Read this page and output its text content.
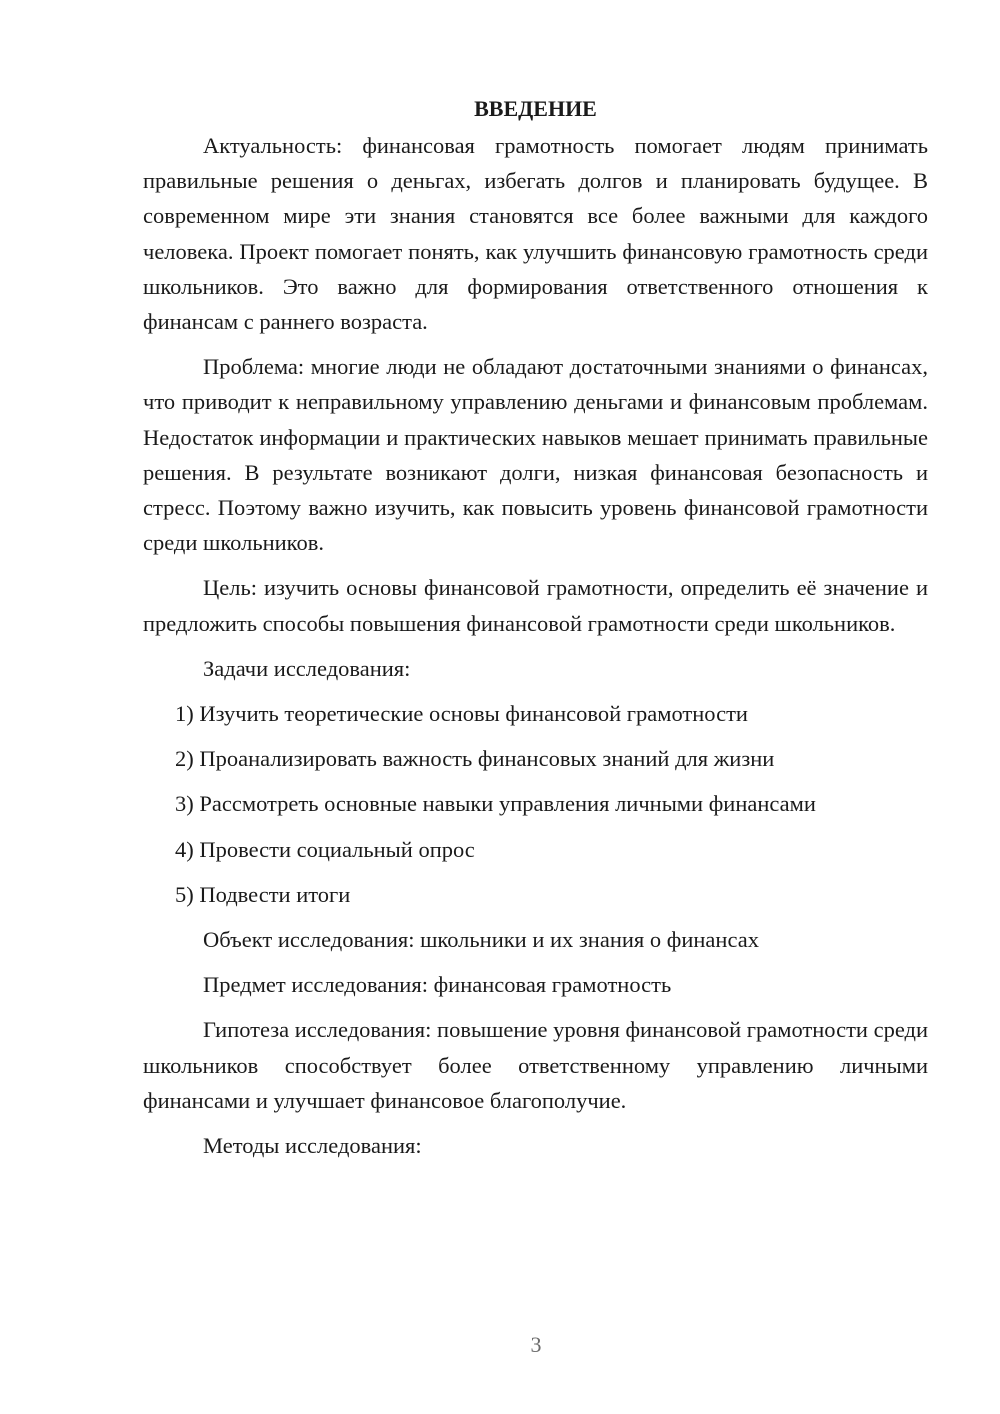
ВВЕДЕНИЕ

Актуальность: финансовая грамотность помогает людям принимать правильные решения о деньгах, избегать долгов и планировать будущее. В современном мире эти знания становятся все более важными для каждого человека. Проект помогает понять, как улучшить финансовую грамотность среди школьников. Это важно для формирования ответственного отношения к финансам с раннего возраста.

Проблема: многие люди не обладают достаточными знаниями о финансах, что приводит к неправильному управлению деньгами и финансовым проблемам. Недостаток информации и практических навыков мешает принимать правильные решения. В результате возникают долги, низкая финансовая безопасность и стресс. Поэтому важно изучить, как повысить уровень финансовой грамотности среди школьников.

Цель: изучить основы финансовой грамотности, определить её значение и предложить способы повышения финансовой грамотности среди школьников.

Задачи исследования:
1) Изучить теоретические основы финансовой грамотности
2) Проанализировать важность финансовых знаний для жизни
3) Рассмотреть основные навыки управления личными финансами
4) Провести социальный опрос
5) Подвести итоги
Объект исследования: школьники и их знания о финансах
Предмет исследования: финансовая грамотность

Гипотеза исследования: повышение уровня финансовой грамотности среди школьников способствует более ответственному управлению личными финансами и улучшает финансовое благополучие.

Методы исследования:
3
